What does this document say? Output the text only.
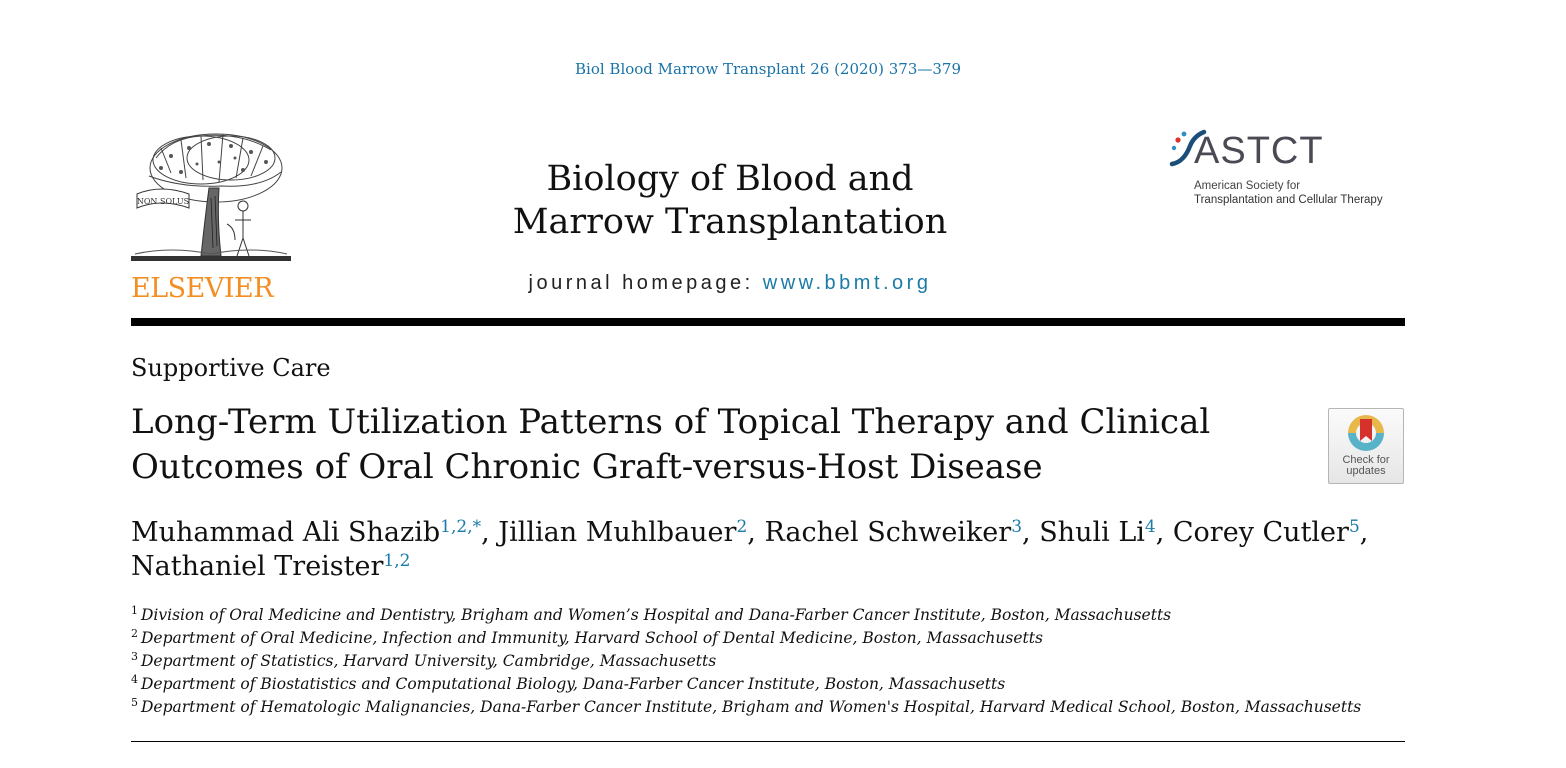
Biol Blood Marrow Transplant 26 (2020) 373—379
NON SOLUS
ELSEVIER
Biology of Blood and
Marrow Transplantation
journal homepage: www.bbmt.org
ASTCT
American Society for
Transplantation and Cellular Therapy
Supportive Care
Long-Term Utilization Patterns of Topical Therapy and Clinical
Outcomes of Oral Chronic Graft-versus-Host Disease	Check for
updates
Muhammad Ali Shazib$^{1,2,*}$, Jillian Muhlbauer$^2$, Rachel Schweiker$^3$, Shuli Li$^4$, Corey Cutler$^5$,
Nathaniel Treister$^{1,2}$
$^1$ Division of Oral Medicine and Dentistry, Brigham and Women’s Hospital and Dana-Farber Cancer Institute, Boston, Massachusetts
$^2$ Department of Oral Medicine, Infection and Immunity, Harvard School of Dental Medicine, Boston, Massachusetts
$^3$ Department of Statistics, Harvard University, Cambridge, Massachusetts
$^4$ Department of Biostatistics and Computational Biology, Dana-Farber Cancer Institute, Boston, Massachusetts
$^5$ Department of Hematologic Malignancies, Dana-Farber Cancer Institute, Brigham and Women's Hospital, Harvard Medical School, Boston, Massachusetts
